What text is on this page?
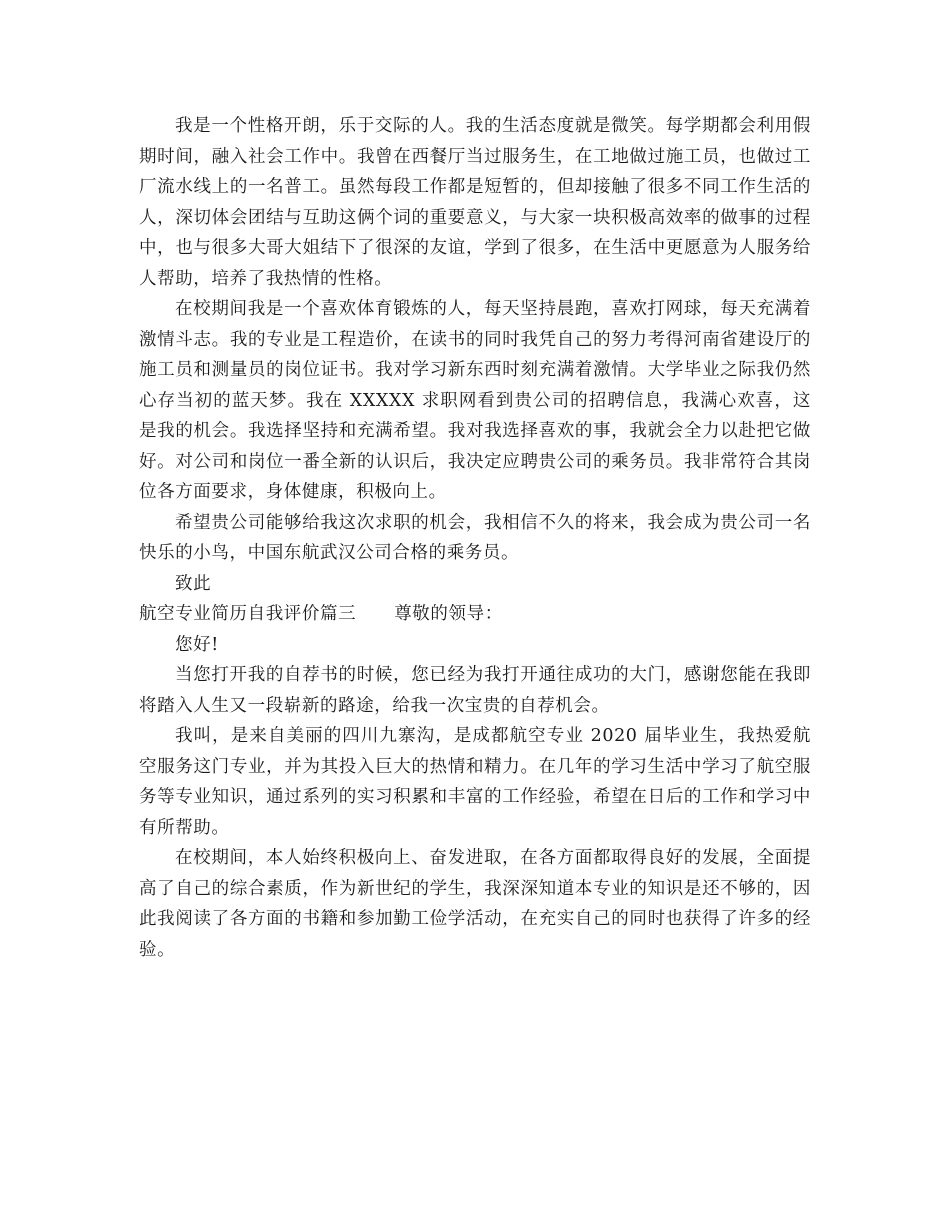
我是一个性格开朗，乐于交际的人。我的生活态度就是微笑。每学期都会利用假期时间，融入社会工作中。我曾在西餐厅当过服务生，在工地做过施工员，也做过工厂流水线上的一名普工。虽然每段工作都是短暂的，但却接触了很多不同工作生活的人，深切体会团结与互助这俩个词的重要意义，与大家一块积极高效率的做事的过程中，也与很多大哥大姐结下了很深的友谊，学到了很多，在生活中更愿意为人服务给人帮助，培养了我热情的性格。

在校期间我是一个喜欢体育锻炼的人，每天坚持晨跑，喜欢打网球，每天充满着激情斗志。我的专业是工程造价，在读书的同时我凭自己的努力考得河南省建设厅的施工员和测量员的岗位证书。我对学习新东西时刻充满着激情。大学毕业之际我仍然心存当初的蓝天梦。我在 XXXXX 求职网看到贵公司的招聘信息，我满心欢喜，这是我的机会。我选择坚持和充满希望。我对我选择喜欢的事，我就会全力以赴把它做好。对公司和岗位一番全新的认识后，我决定应聘贵公司的乘务员。我非常符合其岗位各方面要求，身体健康，积极向上。

希望贵公司能够给我这次求职的机会，我相信不久的将来，我会成为贵公司一名快乐的小鸟，中国东航武汉公司合格的乘务员。

致此

航空专业简历自我评价篇三 尊敬的领导：

您好!

当您打开我的自荐书的时候，您已经为我打开通往成功的大门，感谢您能在我即将踏入人生又一段崭新的路途，给我一次宝贵的自荐机会。

我叫，是来自美丽的四川九寨沟，是成都航空专业 2020 届毕业生，我热爱航空服务这门专业，并为其投入巨大的热情和精力。在几年的学习生活中学习了航空服务等专业知识，通过系列的实习积累和丰富的工作经验，希望在日后的工作和学习中有所帮助。

在校期间，本人始终积极向上、奋发进取，在各方面都取得良好的发展，全面提高了自己的综合素质，作为新世纪的学生，我深深知道本专业的知识是还不够的，因此我阅读了各方面的书籍和参加勤工俭学活动，在充实自己的同时也获得了许多的经验。
